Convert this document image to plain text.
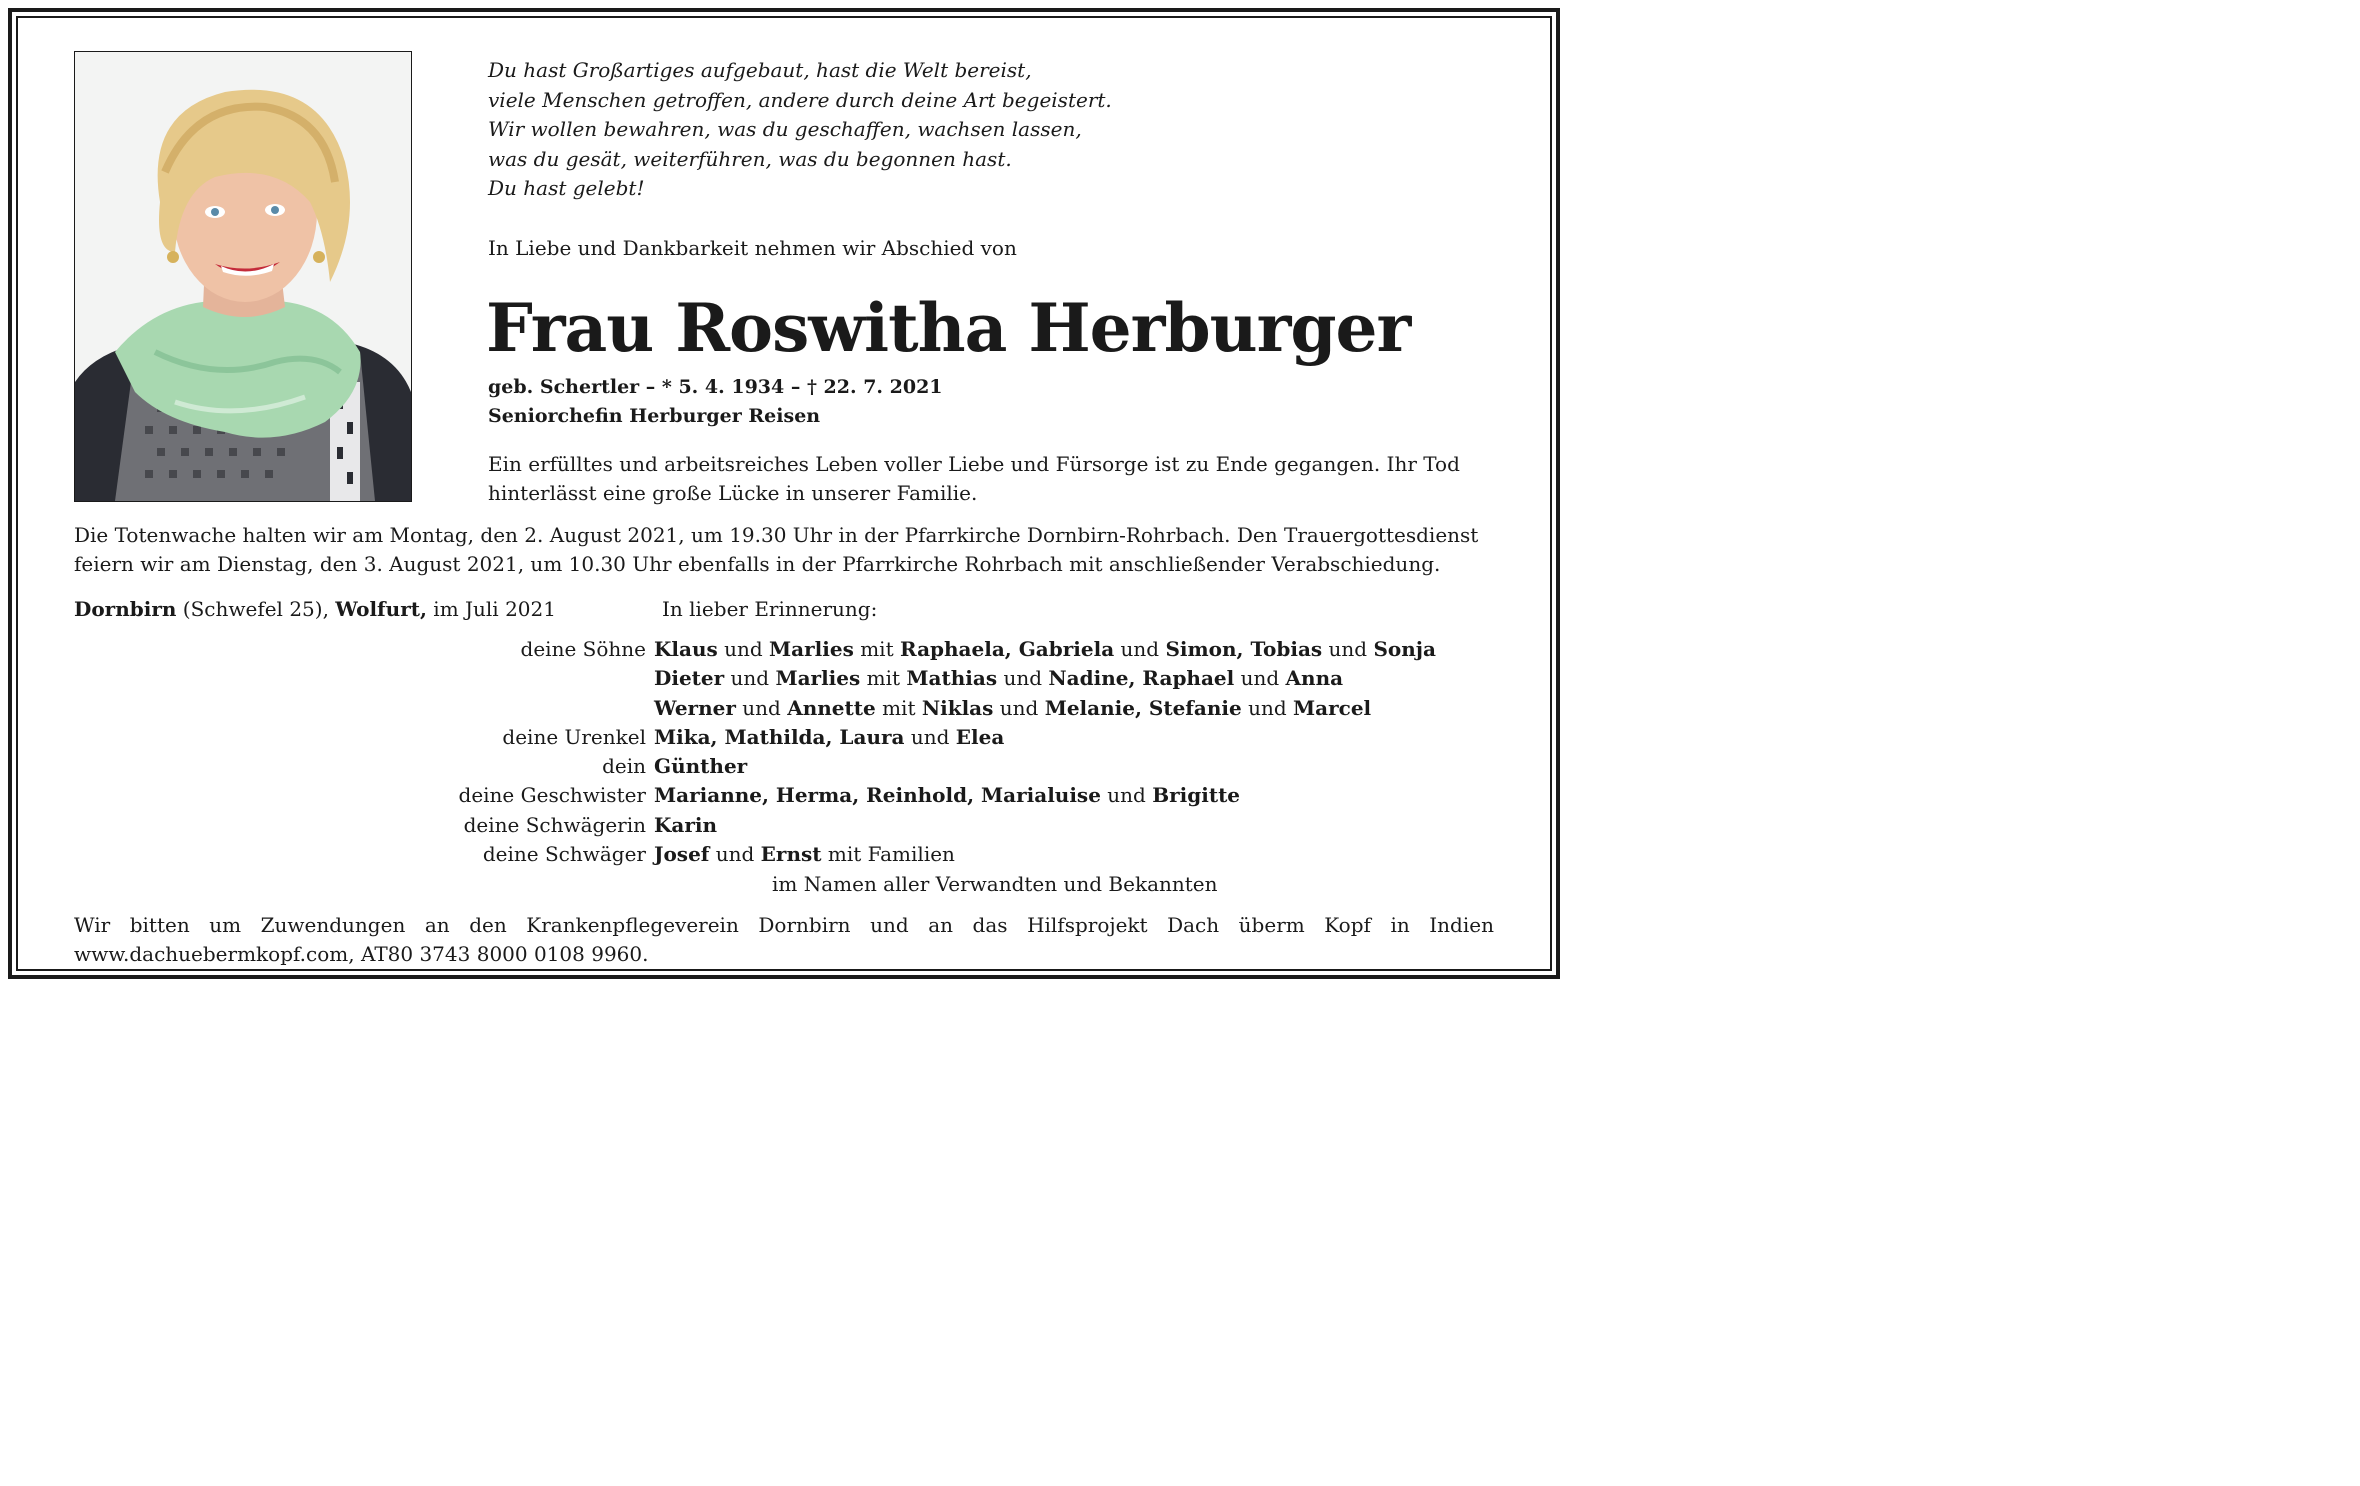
Du hast Großartiges aufgebaut, hast die Welt bereist,
viele Menschen getroffen, andere durch deine Art begeistert.
Wir wollen bewahren, was du geschaffen, wachsen lassen,
was du gesät, weiterführen, was du begonnen hast.
Du hast gelebt!
In Liebe und Dankbarkeit nehmen wir Abschied von
Frau Roswitha Herburger
geb. Schertler – * 5. 4. 1934 – † 22. 7. 2021
Seniorchefin Herburger Reisen
Ein erfülltes und arbeitsreiches Leben voller Liebe und Fürsorge ist zu Ende gegangen. Ihr Tod
hinterlässt eine große Lücke in unserer Familie.
Die Totenwache halten wir am Montag, den 2. August 2021, um 19.30 Uhr in der Pfarrkirche Dornbirn-Rohrbach. Den Trauergottesdienst
feiern wir am Dienstag, den 3. August 2021, um 10.30 Uhr ebenfalls in der Pfarrkirche Rohrbach mit anschließender Verabschiedung.
Dornbirn (Schwefel 25), Wolfurt, im Juli 2021	In lieber Erinnerung:
deine Söhne Klaus und Marlies mit Raphaela, Gabriela und Simon, Tobias und Sonja
Dieter und Marlies mit Mathias und Nadine, Raphael und Anna
Werner und Annette mit Niklas und Melanie, Stefanie und Marcel
deine Urenkel Mika, Mathilda, Laura und Elea
dein Günther
deine Geschwister Marianne, Herma, Reinhold, Marialuise und Brigitte
deine Schwägerin Karin
deine Schwäger Josef und Ernst mit Familien
im Namen aller Verwandten und Bekannten
Wir bitten um Zuwendungen an den Krankenpflegeverein Dornbirn und an das Hilfsprojekt Dach überm Kopf in Indien
www.dachuebermkopf.com, AT80 3743 8000 0108 9960.
